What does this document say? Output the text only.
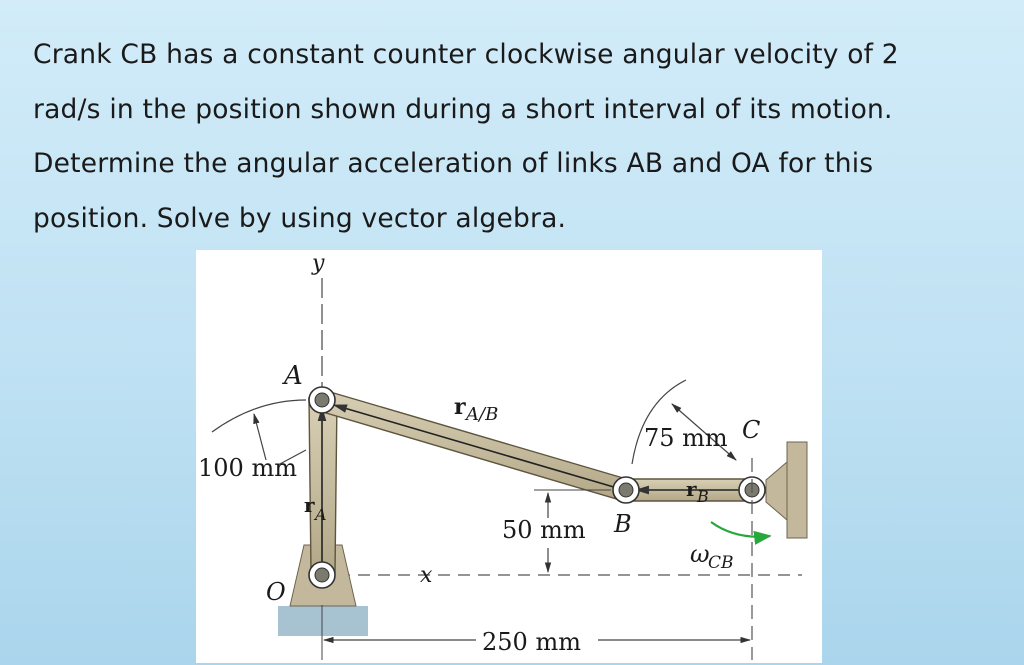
Crank CB has a constant counter clockwise angular velocity of 2
rad/s in the position shown during a short interval of its motion.
Determine the angular acceleration of links AB and OA for this
position. Solve by using vector algebra.
y
A
O
B
C
x
100 mm
75 mm
50 mm
250 mm
r A/B
r A
r B
ω
CB
